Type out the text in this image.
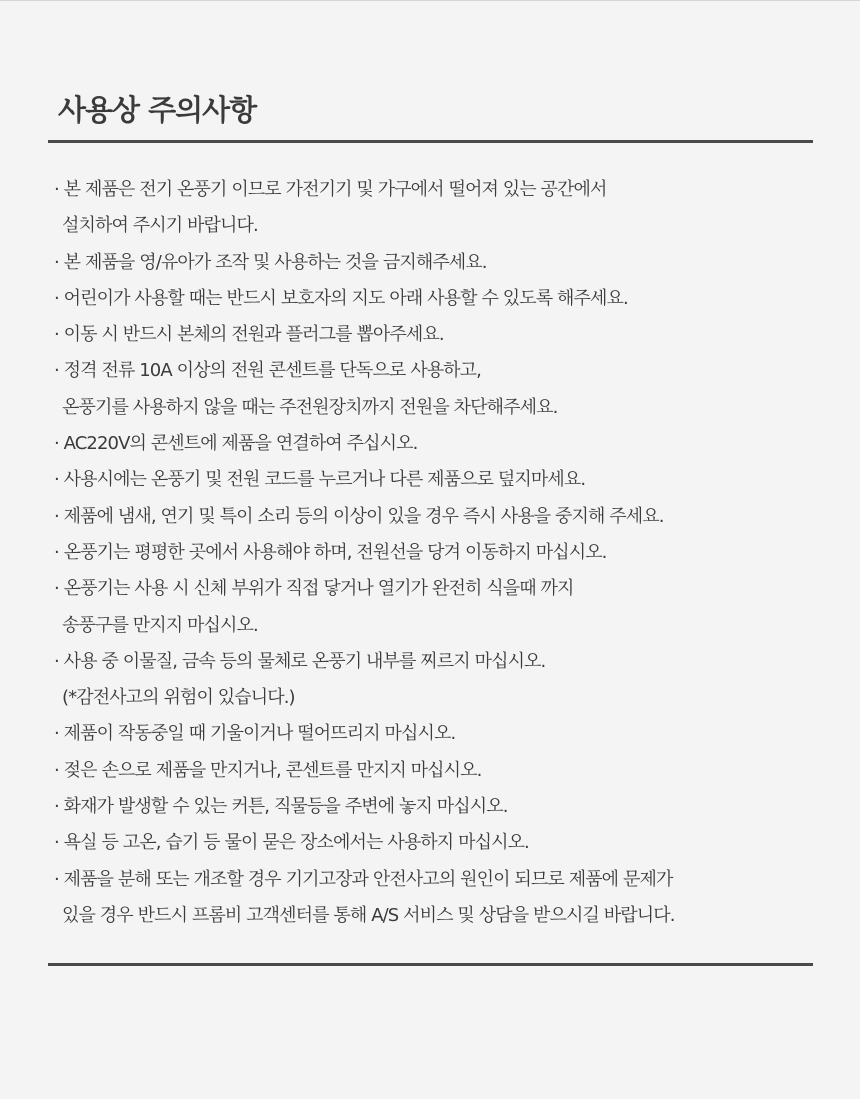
사용상 주의사항
· 본 제품은 전기 온풍기 이므로 가전기기 및 가구에서 떨어져 있는 공간에서
설치하여 주시기 바랍니다.
· 본 제품을 영/유아가 조작 및 사용하는 것을 금지해주세요.
· 어린이가 사용할 때는 반드시 보호자의 지도 아래 사용할 수 있도록 해주세요.
· 이동 시 반드시 본체의 전원과 플러그를 뽑아주세요.
· 정격 전류 10A 이상의 전원 콘센트를 단독으로 사용하고,
온풍기를 사용하지 않을 때는 주전원장치까지 전원을 차단해주세요.
· AC220V의 콘센트에 제품을 연결하여 주십시오.
· 사용시에는 온풍기 및 전원 코드를 누르거나 다른 제품으로 덮지마세요.
· 제품에 냄새, 연기 및 특이 소리 등의 이상이 있을 경우 즉시 사용을 중지해 주세요.
· 온풍기는 평평한 곳에서 사용해야 하며, 전원선을 당겨 이동하지 마십시오.
· 온풍기는 사용 시 신체 부위가 직접 닿거나 열기가 완전히 식을때 까지
송풍구를 만지지 마십시오.
· 사용 중 이물질, 금속 등의 물체로 온풍기 내부를 찌르지 마십시오.
(*감전사고의 위험이 있습니다.)
· 제품이 작동중일 때 기울이거나 떨어뜨리지 마십시오.
· 젖은 손으로 제품을 만지거나, 콘센트를 만지지 마십시오.
· 화재가 발생할 수 있는 커튼, 직물등을 주변에 놓지 마십시오.
· 욕실 등 고온, 습기 등 물이 묻은 장소에서는 사용하지 마십시오.
· 제품을 분해 또는 개조할 경우 기기고장과 안전사고의 원인이 되므로 제품에 문제가
있을 경우 반드시 프롬비 고객센터를 통해 A/S 서비스 및 상담을 받으시길 바랍니다.
